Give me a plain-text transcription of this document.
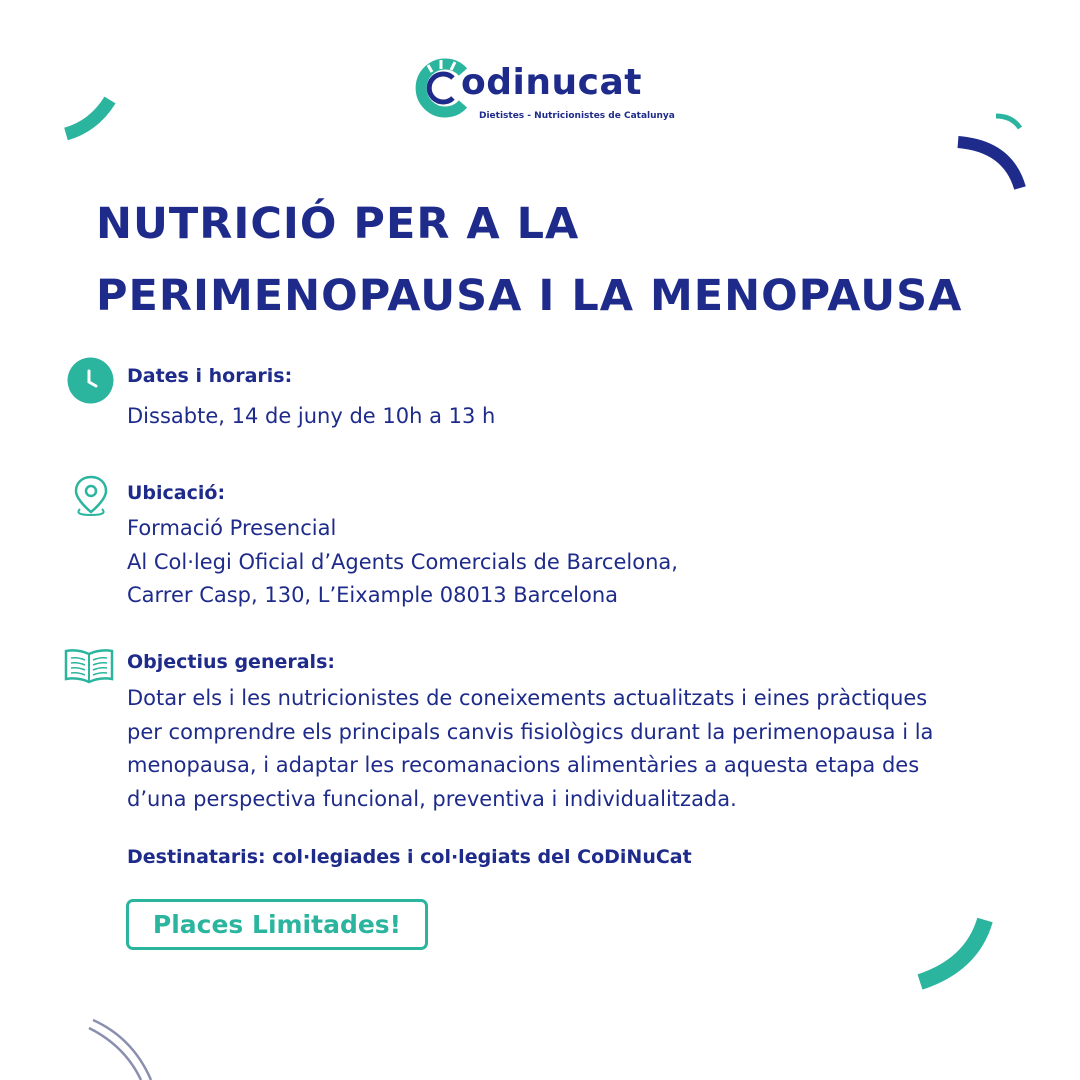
odinucat
Dietistes - Nutricionistes de Catalunya
NUTRICIÓ PER A LA
PERIMENOPAUSA I LA MENOPAUSA
Dates i horaris:
Dissabte, 14 de juny de 10h a 13 h
Ubicació:
Formació Presencial
Al Col·legi Oficial d’Agents Comercials de Barcelona,
Carrer Casp, 130, L’Eixample 08013 Barcelona
Objectius generals:
Dotar els i les nutricionistes de coneixements actualitzats i eines pràctiques
per comprendre els principals canvis fisiològics durant la perimenopausa i la
menopausa, i adaptar les recomanacions alimentàries a aquesta etapa des
d’una perspectiva funcional, preventiva i individualitzada.
Destinataris: col·legiades i col·legiats del CoDiNuCat
Places Limitades!
